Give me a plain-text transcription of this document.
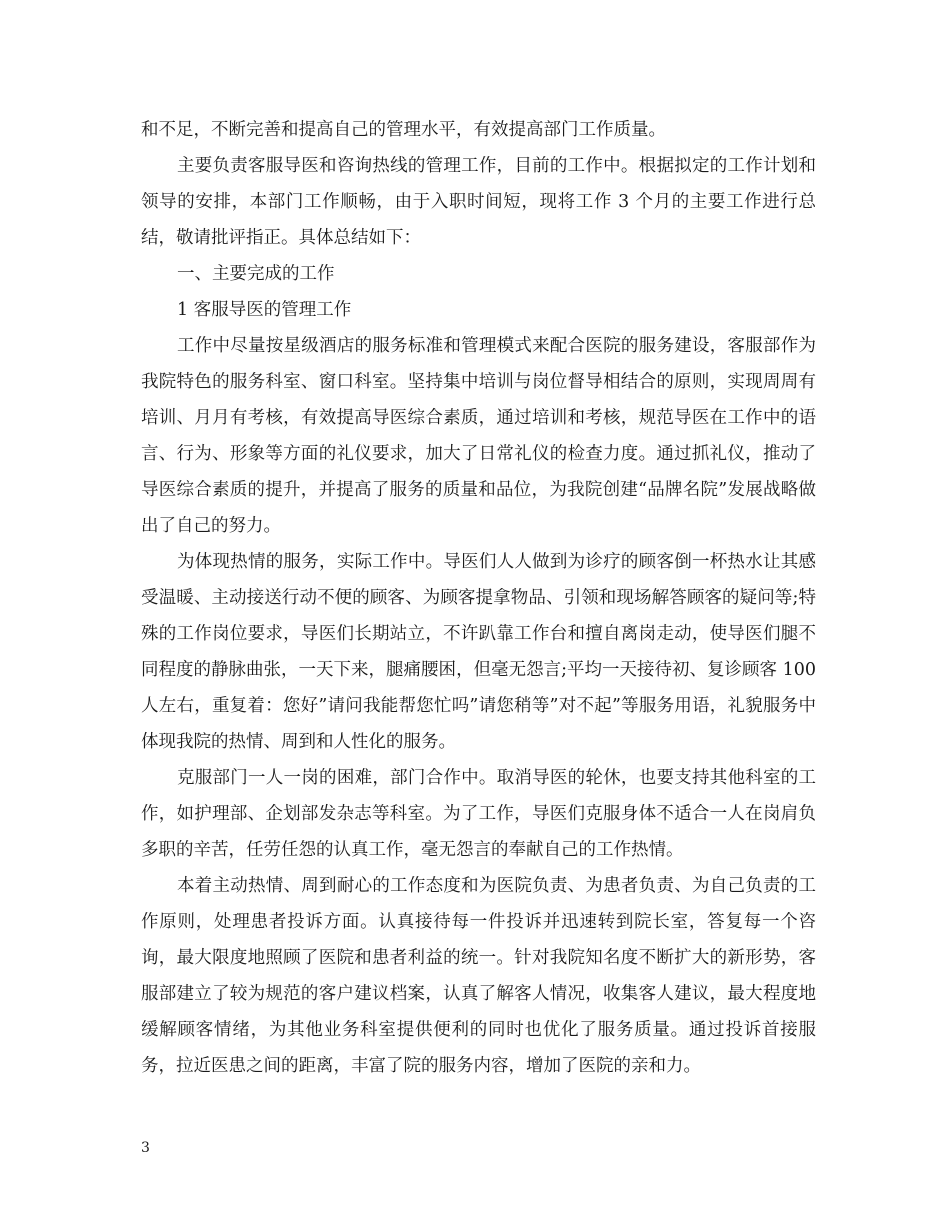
和不足，不断完善和提高自己的管理水平，有效提高部门工作质量。

主要负责客服导医和咨询热线的管理工作，目前的工作中。根据拟定的工作计划和领导的安排，本部门工作顺畅，由于入职时间短，现将工作 3 个月的主要工作进行总结，敬请批评指正。具体总结如下：

一、主要完成的工作

1 客服导医的管理工作

工作中尽量按星级酒店的服务标准和管理模式来配合医院的服务建设，客服部作为我院特色的服务科室、窗口科室。坚持集中培训与岗位督导相结合的原则，实现周周有培训、月月有考核，有效提高导医综合素质，通过培训和考核，规范导医在工作中的语言、行为、形象等方面的礼仪要求，加大了日常礼仪的检查力度。通过抓礼仪，推动了导医综合素质的提升，并提高了服务的质量和品位，为我院创建“品牌名院”发展战略做出了自己的努力。

为体现热情的服务，实际工作中。导医们人人做到为诊疗的顾客倒一杯热水让其感受温暖、主动接送行动不便的顾客、为顾客提拿物品、引领和现场解答顾客的疑问等;特殊的工作岗位要求，导医们长期站立，不许趴靠工作台和擅自离岗走动，使导医们腿不同程度的静脉曲张，一天下来，腿痛腰困，但毫无怨言;平均一天接待初、复诊顾客 100 人左右，重复着：您好”请问我能帮您忙吗”请您稍等”对不起”等服务用语，礼貌服务中体现我院的热情、周到和人性化的服务。

克服部门一人一岗的困难，部门合作中。取消导医的轮休，也要支持其他科室的工作，如护理部、企划部发杂志等科室。为了工作，导医们克服身体不适合一人在岗肩负多职的辛苦，任劳任怨的认真工作，毫无怨言的奉献自己的工作热情。

本着主动热情、周到耐心的工作态度和为医院负责、为患者负责、为自己负责的工作原则，处理患者投诉方面。认真接待每一件投诉并迅速转到院长室，答复每一个咨询，最大限度地照顾了医院和患者利益的统一。针对我院知名度不断扩大的新形势，客服部建立了较为规范的客户建议档案，认真了解客人情况，收集客人建议，最大程度地缓解顾客情绪，为其他业务科室提供便利的同时也优化了服务质量。通过投诉首接服务，拉近医患之间的距离，丰富了院的服务内容，增加了医院的亲和力。

3
